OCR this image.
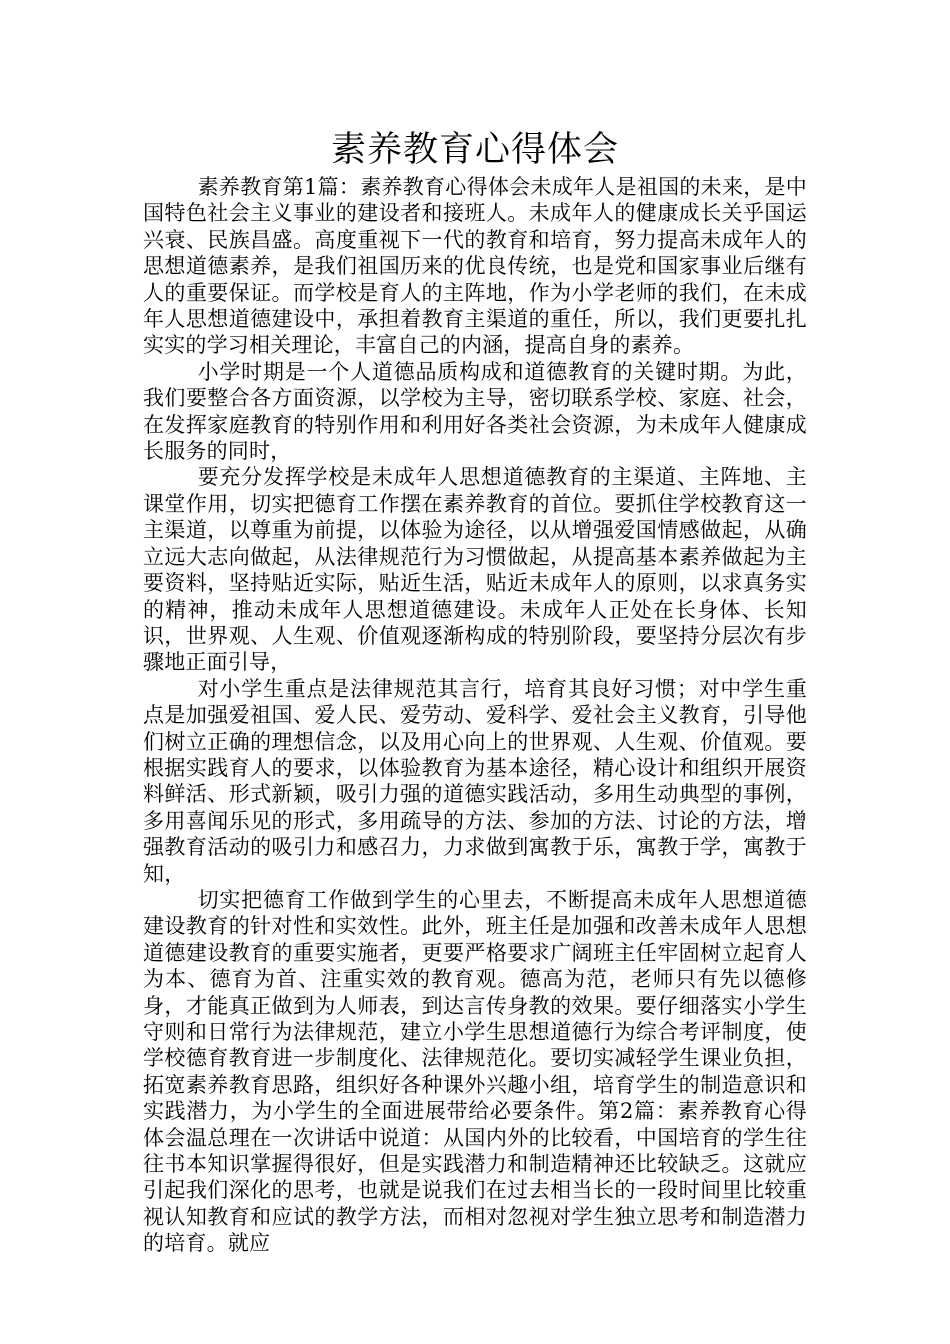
素养教育心得体会

素养教育第1篇：素养教育心得体会未成年人是祖国的未来，是中国特色社会主义事业的建设者和接班人。未成年人的健康成长关乎国运兴衰、民族昌盛。高度重视下一代的教育和培育，努力提高未成年人的思想道德素养，是我们祖国历来的优良传统，也是党和国家事业后继有人的重要保证。而学校是育人的主阵地，作为小学老师的我们，在未成年人思想道德建设中，承担着教育主渠道的重任，所以，我们更要扎扎实实的学习相关理论，丰富自己的内涵，提高自身的素养。

小学时期是一个人道德品质构成和道德教育的关键时期。为此，我们要整合各方面资源，以学校为主导，密切联系学校、家庭、社会，在发挥家庭教育的特别作用和利用好各类社会资源，为未成年人健康成长服务的同时，

要充分发挥学校是未成年人思想道德教育的主渠道、主阵地、主课堂作用，切实把德育工作摆在素养教育的首位。要抓住学校教育这一主渠道，以尊重为前提，以体验为途径，以从增强爱国情感做起，从确立远大志向做起，从法律规范行为习惯做起，从提高基本素养做起为主要资料，坚持贴近实际，贴近生活，贴近未成年人的原则，以求真务实的精神，推动未成年人思想道德建设。未成年人正处在长身体、长知识，世界观、人生观、价值观逐渐构成的特别阶段，要坚持分层次有步骤地正面引导，

对小学生重点是法律规范其言行，培育其良好习惯；对中学生重点是加强爱祖国、爱人民、爱劳动、爱科学、爱社会主义教育，引导他们树立正确的理想信念，以及用心向上的世界观、人生观、价值观。要根据实践育人的要求，以体验教育为基本途径，精心设计和组织开展资料鲜活、形式新颖，吸引力强的道德实践活动，多用生动典型的事例，多用喜闻乐见的形式，多用疏导的方法、参加的方法、讨论的方法，增强教育活动的吸引力和感召力，力求做到寓教于乐，寓教于学，寓教于知，

切实把德育工作做到学生的心里去，不断提高未成年人思想道德建设教育的针对性和实效性。此外，班主任是加强和改善未成年人思想道德建设教育的重要实施者，更要严格要求广阔班主任牢固树立起育人为本、德育为首、注重实效的教育观。德高为范，老师只有先以德修身，才能真正做到为人师表，到达言传身教的效果。要仔细落实小学生守则和日常行为法律规范，建立小学生思想道德行为综合考评制度，使学校德育教育进一步制度化、法律规范化。要切实减轻学生课业负担，拓宽素养教育思路，组织好各种课外兴趣小组，培育学生的制造意识和实践潜力，为小学生的全面进展带给必要条件。第2篇：素养教育心得体会温总理在一次讲话中说道：从国内外的比较看，中国培育的学生往往书本知识掌握得很好，但是实践潜力和制造精神还比较缺乏。这就应引起我们深化的思考，也就是说我们在过去相当长的一段时间里比较重视认知教育和应试的教学方法，而相对忽视对学生独立思考和制造潜力的培育。就应
